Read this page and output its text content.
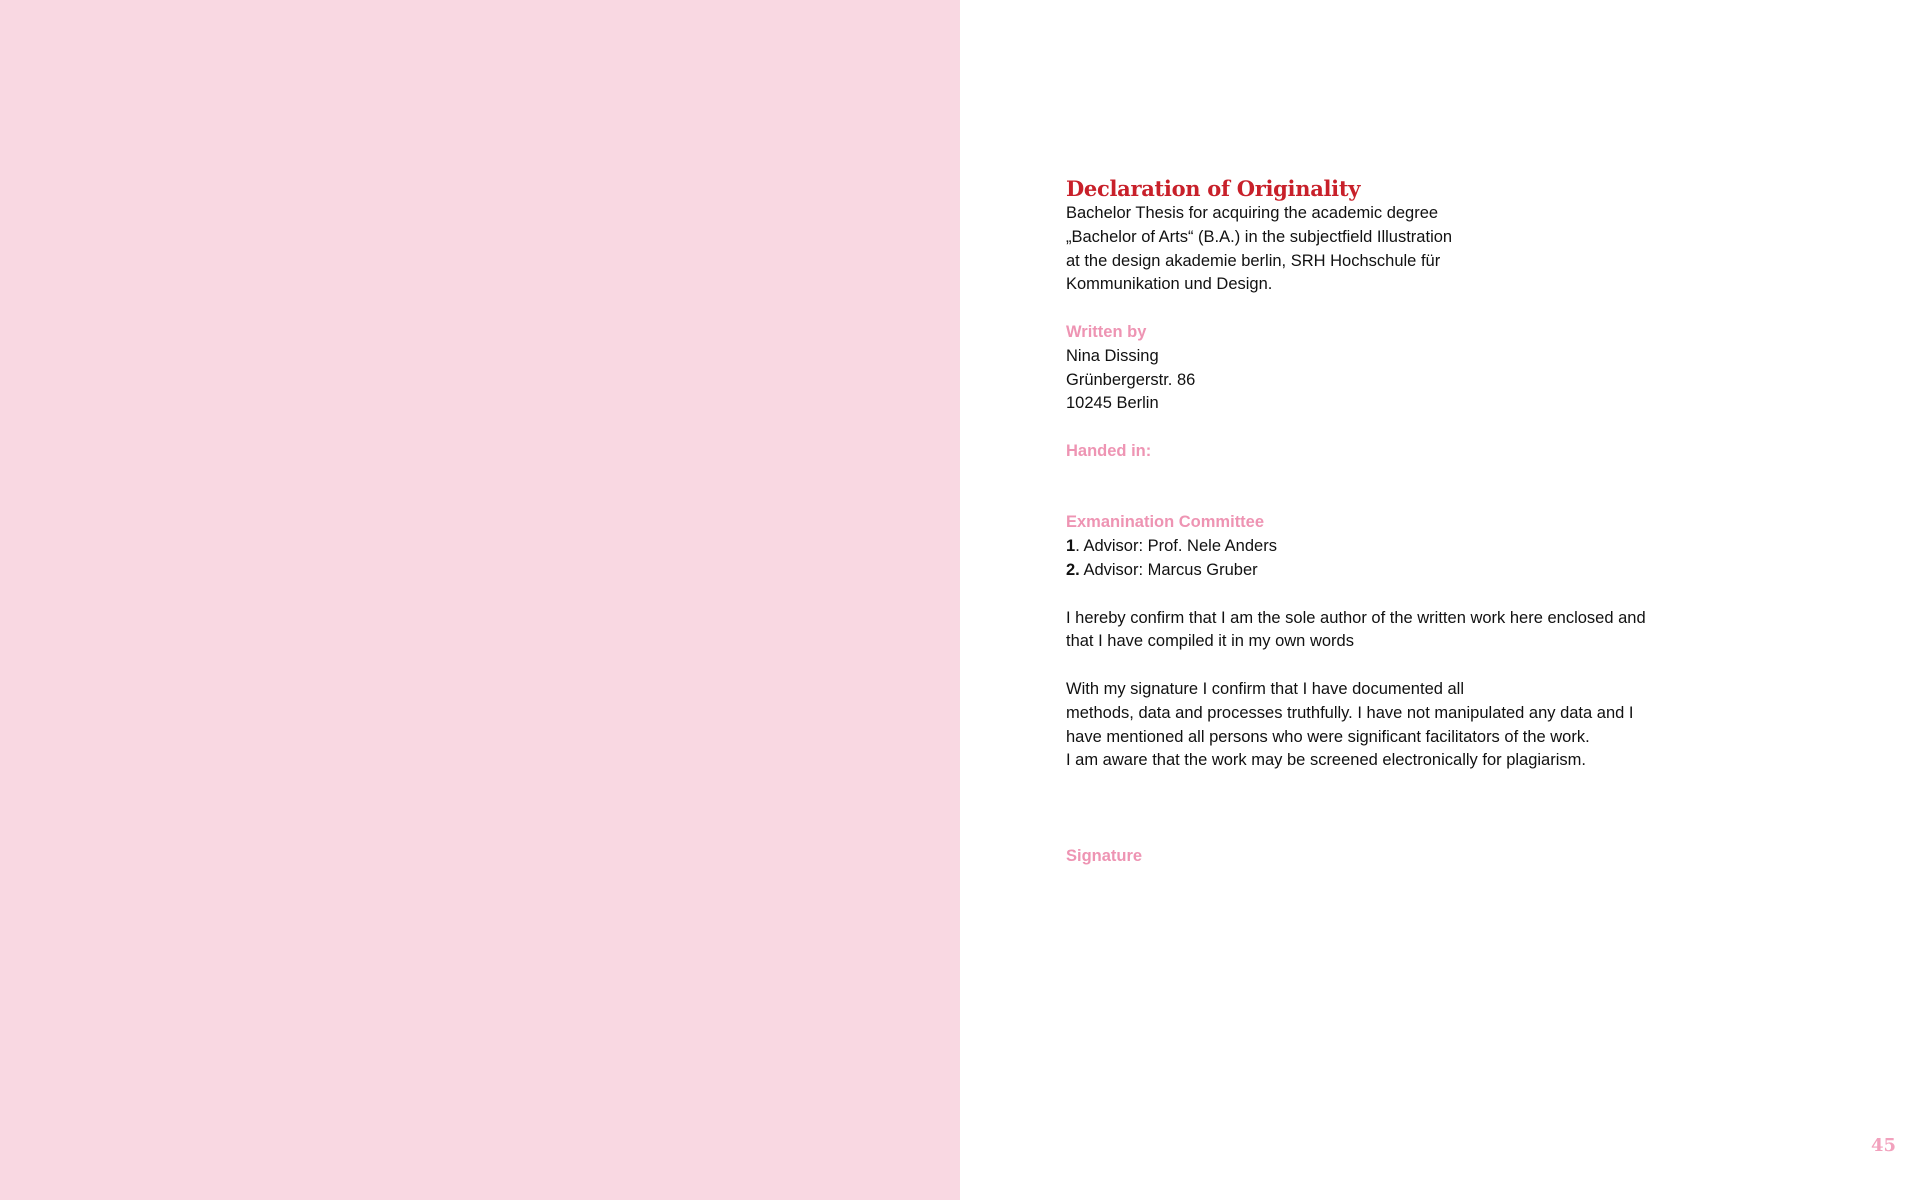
Declaration of Originality
Bachelor Thesis for acquiring the academic degree
„Bachelor of Arts“ (B.A.) in the subjectfield Illustration
at the design akademie berlin, SRH Hochschule für
Kommunikation und Design.
Written by
Nina Dissing
Grünbergerstr. 86
10245 Berlin
Handed in:
Exmanination Committee
1. Advisor: Prof. Nele Anders
2. Advisor: Marcus Gruber
I hereby confirm that I am the sole author of the written work here enclosed and
that I have compiled it in my own words
With my signature I confirm that I have documented all
methods, data and processes truthfully. I have not manipulated any data and I
have mentioned all persons who were significant facilitators of the work.
I am aware that the work may be screened electronically for plagiarism.
Signature
45
